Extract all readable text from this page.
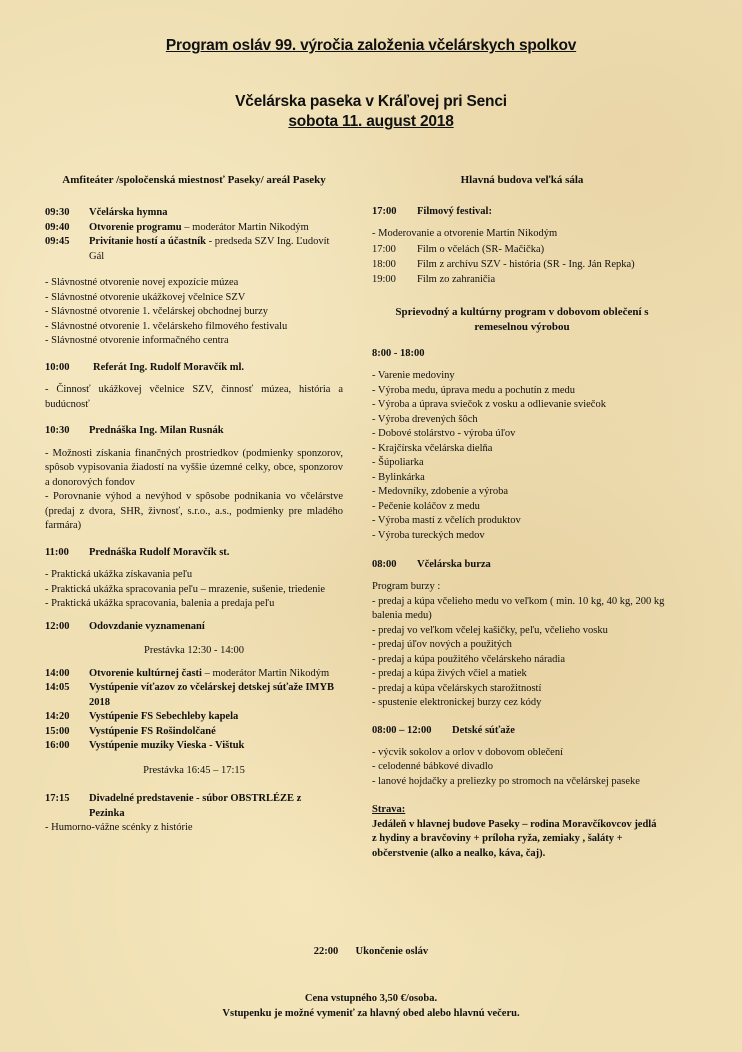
Program osláv 99. výročia založenia včelárskych spolkov
Včelárska paseka v Kráľovej pri Senci
sobota 11. august 2018
Amfiteáter /spoločenská miestnosť Paseky/ areál Paseky
09:30	Včelárska hymna
09:40	Otvorenie programu – moderátor Martin Nikodým
09:45	Privítanie hostí a účastník - predseda SZV Ing. Ľudovít Gál
- Slávnostné otvorenie novej expozície múzea
- Slávnostné otvorenie ukážkovej včelnice SZV
- Slávnostné otvorenie 1. včelárskej obchodnej burzy
- Slávnostné otvorenie 1. včelárskeho filmového festivalu
- Slávnostné otvorenie informačného centra
10:00	Referát Ing. Rudolf Moravčík ml.
- Činnosť ukážkovej včelnice SZV, činnosť múzea, história a budúcnosť
10:30	Prednáška Ing. Milan Rusnák
- Možnosti získania finančných prostriedkov (podmienky sponzorov, spôsob vypisovania žiadostí na vyššie územné celky, obce, sponzorov a donorových fondov
- Porovnanie výhod a nevýhod v spôsobe podnikania vo včelárstve (predaj z dvora, SHR, živnosť, s.r.o., a.s., podmienky pre mladého farmára)
11:00	Prednáška Rudolf Moravčík st.
- Praktická ukážka získavania peľu
- Praktická ukážka spracovania peľu – mrazenie, sušenie, triedenie
- Praktická ukážka spracovania, balenia a predaja peľu
12:00	Odovzdanie vyznamenaní
Prestávka 12:30 - 14:00
14:00	Otvorenie kultúrnej časti – moderátor Martin Nikodým
14:05	Vystúpenie víťazov zo včelárskej detskej súťaže IMYB 2018
14:20	Vystúpenie FS Sebechleby kapela
15:00	Vystúpenie FS Rošindolčané
16:00	Vystúpenie muziky Vieska - Vištuk
Prestávka 16:45 – 17:15
17:15	Divadelné predstavenie - súbor OBSTRLÉZE z Pezinka
- Humorno-vážne scénky z histórie
Hlavná budova veľká sála
17:00	Filmový festival:
- Moderovanie a otvorenie Martin Nikodým
17:00	Film o včelách (SR- Mačička)
18:00	Film z archívu SZV - história (SR - Ing. Ján Repka)
19:00	Film zo zahraničia
Sprievodný a kultúrny program v dobovom oblečení s remeselnou výrobou
8:00 - 18:00
- Varenie medoviny
- Výroba medu, úprava medu a pochutín z medu
- Výroba a úprava sviečok z vosku a odlievanie sviečok
- Výroba drevených šôch
- Dobové stolárstvo - výroba úľov
- Krajčírska včelárska dielňa
- Šúpoliarka
- Bylinkárka
- Medovníky, zdobenie a výroba
- Pečenie koláčov z medu
- Výroba mastí z včelích produktov
- Výroba tureckých medov
08:00	Včelárska burza
Program burzy :
- predaj a kúpa včelieho medu vo veľkom ( min. 10 kg, 40 kg, 200 kg balenia medu)
- predaj vo veľkom včelej kašičky, peľu, včelieho vosku
- predaj úľov nových a použitých
- predaj a kúpa použitého včelárskeho náradia
- predaj a kúpa živých včiel a matiek
- predaj a kúpa včelárskych starožitností
- spustenie elektronickej burzy cez kódy
08:00 – 12:00	Detské súťaže
- výcvik sokolov a orlov v dobovom oblečení
- celodenné bábkové divadlo
- lanové hojdačky a preliezky po stromoch na včelárskej paseke
Strava:
Jedáleň v hlavnej budove Paseky – rodina Moravčíkovcov jedlá z hydiny a bravčoviny + príloha ryža, zemiaky , šaláty + občerstvenie (alko a nealko, káva, čaj).
22:00 Ukončenie osláv
Cena vstupného 3,50 €/osoba.
Vstupenku je možné vymeniť za hlavný obed alebo hlavnú večeru.
